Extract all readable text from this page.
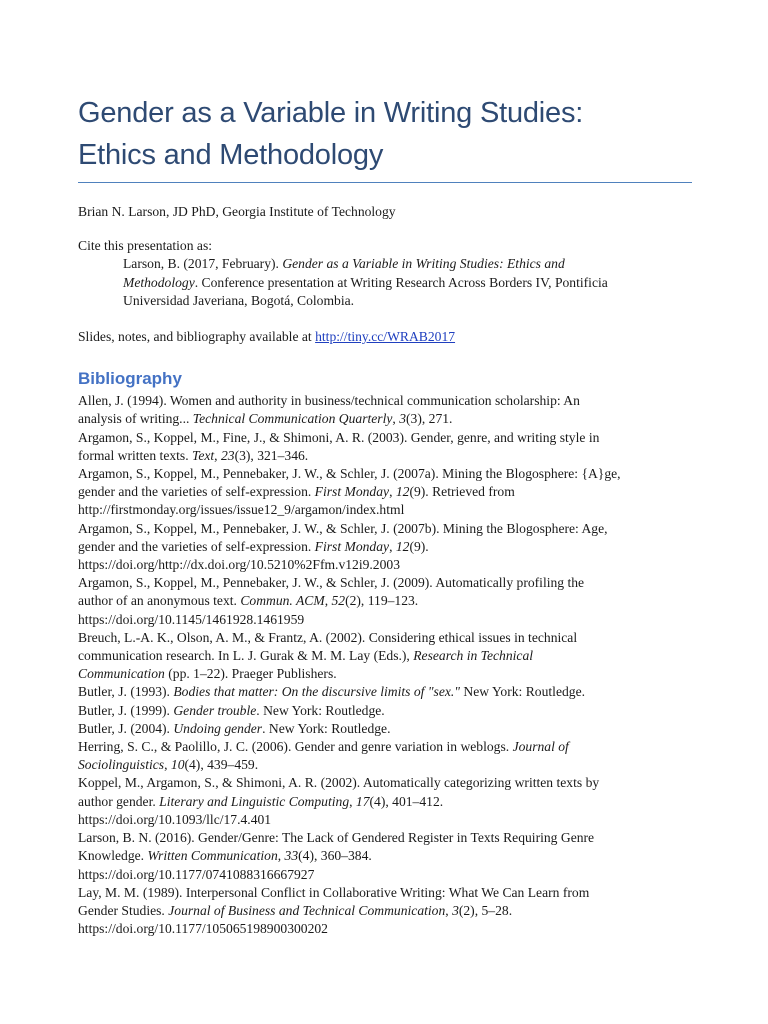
Gender as a Variable in Writing Studies:
Ethics and Methodology
Brian N. Larson, JD PhD, Georgia Institute of Technology
Cite this presentation as:
Larson, B. (2017, February). Gender as a Variable in Writing Studies: Ethics and
Methodology. Conference presentation at Writing Research Across Borders IV, Pontificia
Universidad Javeriana, Bogotá, Colombia.
Slides, notes, and bibliography available at http://tiny.cc/WRAB2017
Bibliography
Allen, J. (1994). Women and authority in business/technical communication scholarship: An
analysis of writing... Technical Communication Quarterly, 3(3), 271.
Argamon, S., Koppel, M., Fine, J., & Shimoni, A. R. (2003). Gender, genre, and writing style in
formal written texts. Text, 23(3), 321–346.
Argamon, S., Koppel, M., Pennebaker, J. W., & Schler, J. (2007a). Mining the Blogosphere: {A}ge,
gender and the varieties of self-expression. First Monday, 12(9). Retrieved from
http://firstmonday.org/issues/issue12_9/argamon/index.html
Argamon, S., Koppel, M., Pennebaker, J. W., & Schler, J. (2007b). Mining the Blogosphere: Age,
gender and the varieties of self-expression. First Monday, 12(9).
https://doi.org/http://dx.doi.org/10.5210%2Ffm.v12i9.2003
Argamon, S., Koppel, M., Pennebaker, J. W., & Schler, J. (2009). Automatically profiling the
author of an anonymous text. Commun. ACM, 52(2), 119–123.
https://doi.org/10.1145/1461928.1461959
Breuch, L.-A. K., Olson, A. M., & Frantz, A. (2002). Considering ethical issues in technical
communication research. In L. J. Gurak & M. M. Lay (Eds.), Research in Technical
Communication (pp. 1–22). Praeger Publishers.
Butler, J. (1993). Bodies that matter: On the discursive limits of "sex." New York: Routledge.
Butler, J. (1999). Gender trouble. New York: Routledge.
Butler, J. (2004). Undoing gender. New York: Routledge.
Herring, S. C., & Paolillo, J. C. (2006). Gender and genre variation in weblogs. Journal of
Sociolinguistics, 10(4), 439–459.
Koppel, M., Argamon, S., & Shimoni, A. R. (2002). Automatically categorizing written texts by
author gender. Literary and Linguistic Computing, 17(4), 401–412.
https://doi.org/10.1093/llc/17.4.401
Larson, B. N. (2016). Gender/Genre: The Lack of Gendered Register in Texts Requiring Genre
Knowledge. Written Communication, 33(4), 360–384.
https://doi.org/10.1177/0741088316667927
Lay, M. M. (1989). Interpersonal Conflict in Collaborative Writing: What We Can Learn from
Gender Studies. Journal of Business and Technical Communication, 3(2), 5–28.
https://doi.org/10.1177/105065198900300202
